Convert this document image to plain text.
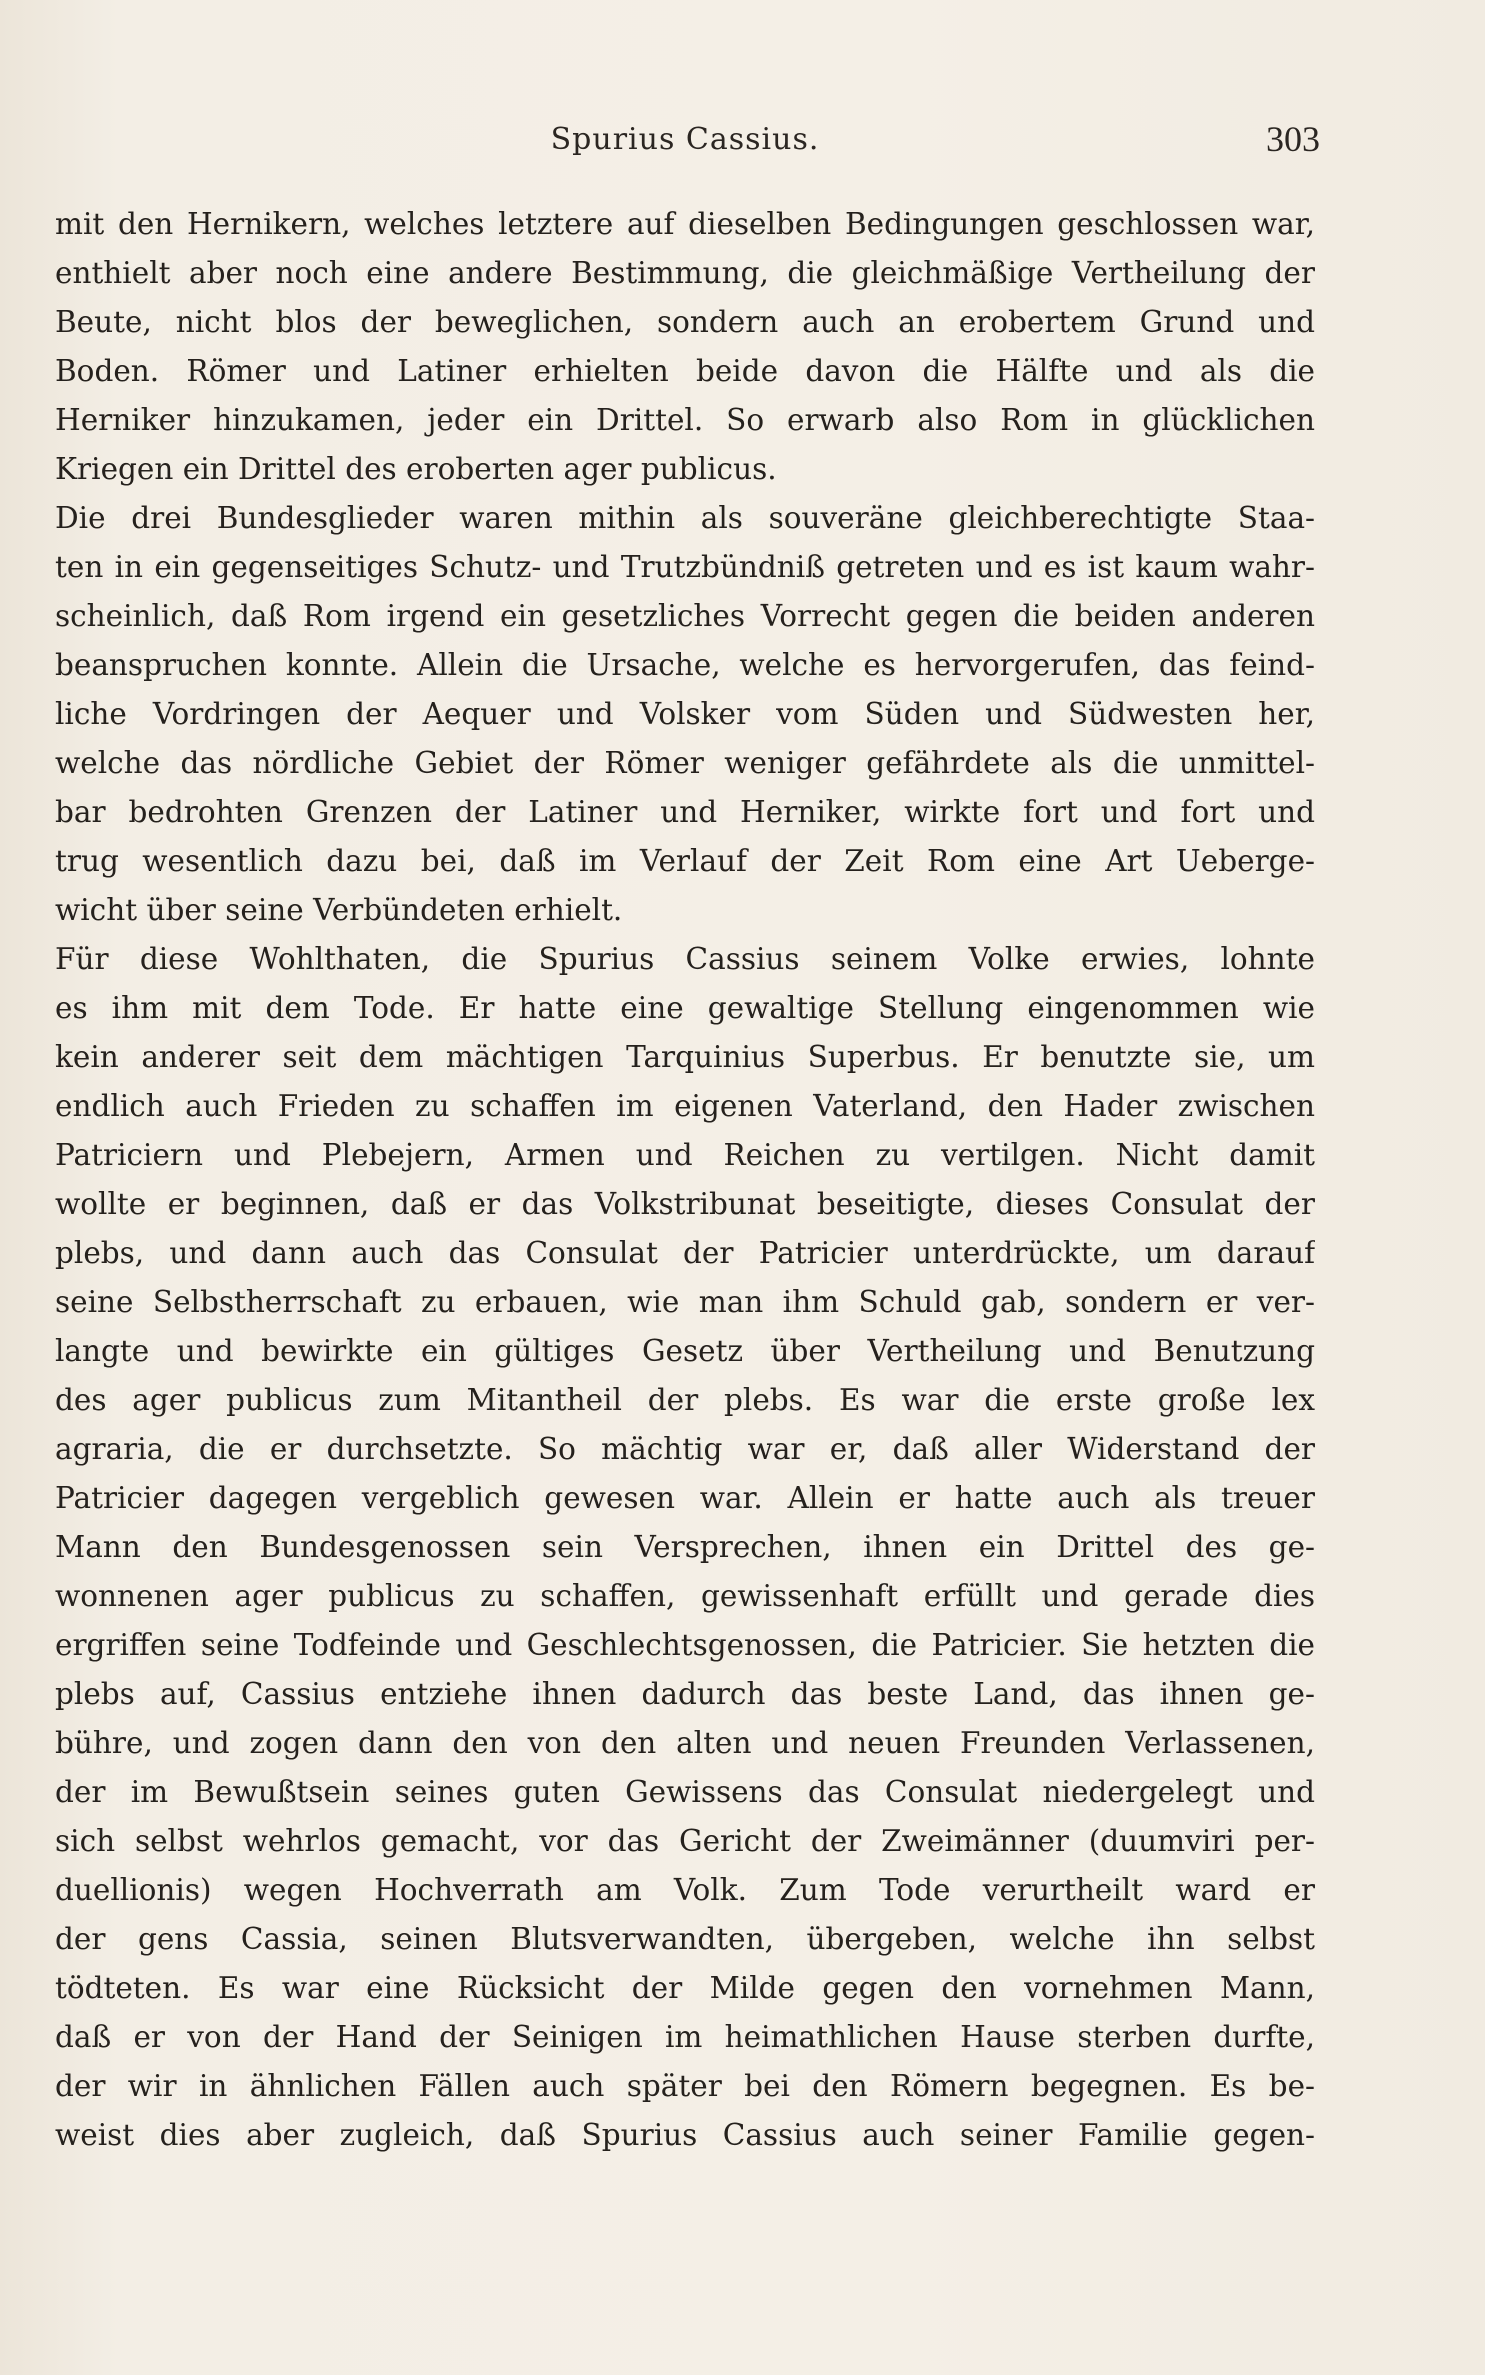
Spurius Cassius.	303
mit den Hernikern, welches letztere auf dieselben Bedingungen geschlossen war,
enthielt aber noch eine andere Bestimmung, die gleichmäßige Vertheilung der
Beute, nicht blos der beweglichen, sondern auch an erobertem Grund und
Boden. Römer und Latiner erhielten beide davon die Hälfte und als die
Herniker hinzukamen, jeder ein Drittel. So erwarb also Rom in glücklichen
Kriegen ein Drittel des eroberten ager publicus.
Die drei Bundesglieder waren mithin als souveräne gleichberechtigte Staa-
ten in ein gegenseitiges Schutz- und Trutzbündniß getreten und es ist kaum wahr-
scheinlich, daß Rom irgend ein gesetzliches Vorrecht gegen die beiden anderen
beanspruchen konnte. Allein die Ursache, welche es hervorgerufen, das feind-
liche Vordringen der Aequer und Volsker vom Süden und Südwesten her,
welche das nördliche Gebiet der Römer weniger gefährdete als die unmittel-
bar bedrohten Grenzen der Latiner und Herniker, wirkte fort und fort und
trug wesentlich dazu bei, daß im Verlauf der Zeit Rom eine Art Ueberge-
wicht über seine Verbündeten erhielt.
Für diese Wohlthaten, die Spurius Cassius seinem Volke erwies, lohnte
es ihm mit dem Tode. Er hatte eine gewaltige Stellung eingenommen wie
kein anderer seit dem mächtigen Tarquinius Superbus. Er benutzte sie, um
endlich auch Frieden zu schaffen im eigenen Vaterland, den Hader zwischen
Patriciern und Plebejern, Armen und Reichen zu vertilgen. Nicht damit
wollte er beginnen, daß er das Volkstribunat beseitigte, dieses Consulat der
plebs, und dann auch das Consulat der Patricier unterdrückte, um darauf
seine Selbstherrschaft zu erbauen, wie man ihm Schuld gab, sondern er ver-
langte und bewirkte ein gültiges Gesetz über Vertheilung und Benutzung
des ager publicus zum Mitantheil der plebs. Es war die erste große lex
agraria, die er durchsetzte. So mächtig war er, daß aller Widerstand der
Patricier dagegen vergeblich gewesen war. Allein er hatte auch als treuer
Mann den Bundesgenossen sein Versprechen, ihnen ein Drittel des ge-
wonnenen ager publicus zu schaffen, gewissenhaft erfüllt und gerade dies
ergriffen seine Todfeinde und Geschlechtsgenossen, die Patricier. Sie hetzten die
plebs auf, Cassius entziehe ihnen dadurch das beste Land, das ihnen ge-
bühre, und zogen dann den von den alten und neuen Freunden Verlassenen,
der im Bewußtsein seines guten Gewissens das Consulat niedergelegt und
sich selbst wehrlos gemacht, vor das Gericht der Zweimänner (duumviri per-
duellionis) wegen Hochverrath am Volk. Zum Tode verurtheilt ward er
der gens Cassia, seinen Blutsverwandten, übergeben, welche ihn selbst
tödteten. Es war eine Rücksicht der Milde gegen den vornehmen Mann,
daß er von der Hand der Seinigen im heimathlichen Hause sterben durfte,
der wir in ähnlichen Fällen auch später bei den Römern begegnen. Es be-
weist dies aber zugleich, daß Spurius Cassius auch seiner Familie gegen-
